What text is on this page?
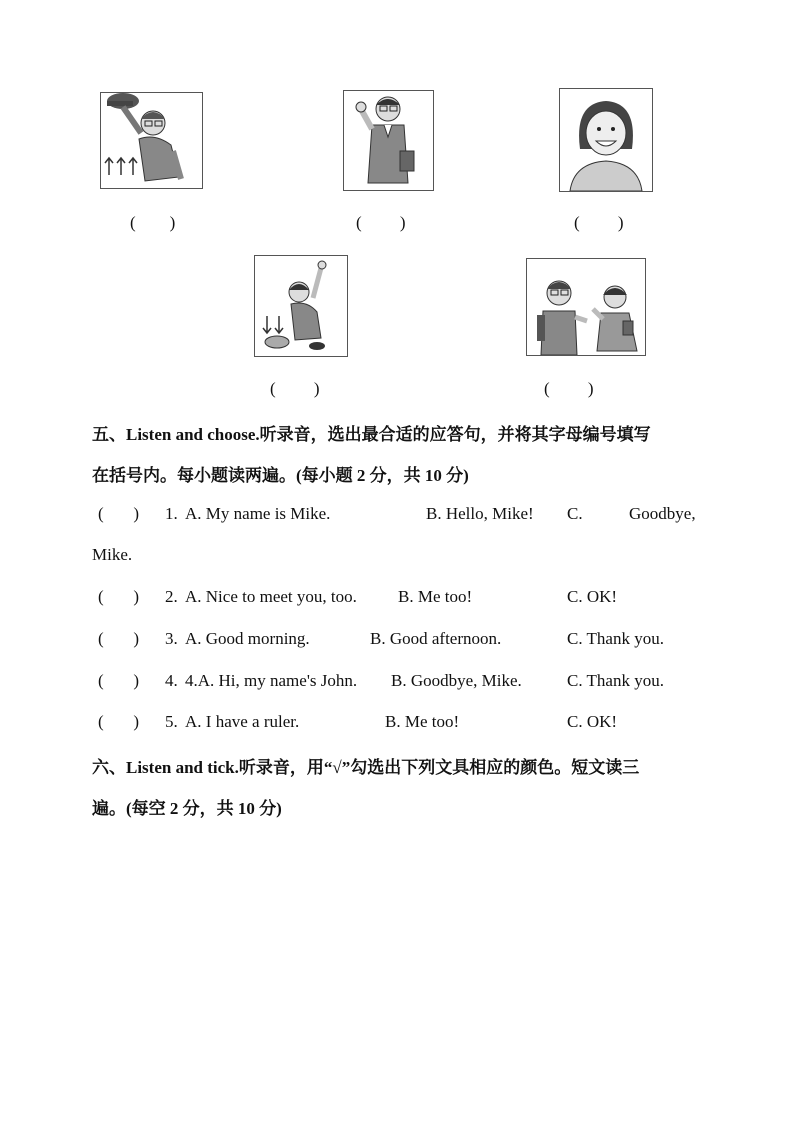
(        )	(         )	(         )
(         )	(         )
五、Listen and choose.听录音，选出最合适的应答句，并将其字母编号填写
在括号内。每小题读两遍。(每小题 2 分，共 10 分)
(       ) 1. A. My name is Mike.	B. Hello, Mike! C.	Goodbye,
Mike.
(       ) 2. A. Nice to meet you, too. B. Me too!	C. OK!
(       ) 3. A. Good morning.	B. Good afternoon.	C. Thank you.
(       ) 4. 4.A. Hi, my name's John. B. Goodbye, Mike.	C. Thank you.
(       ) 5. A. I have a ruler.	B. Me too!	C. OK!
六、Listen and tick.听录音，用“√”勾选出下列文具相应的颜色。短文读三
遍。(每空 2 分，共 10 分)
